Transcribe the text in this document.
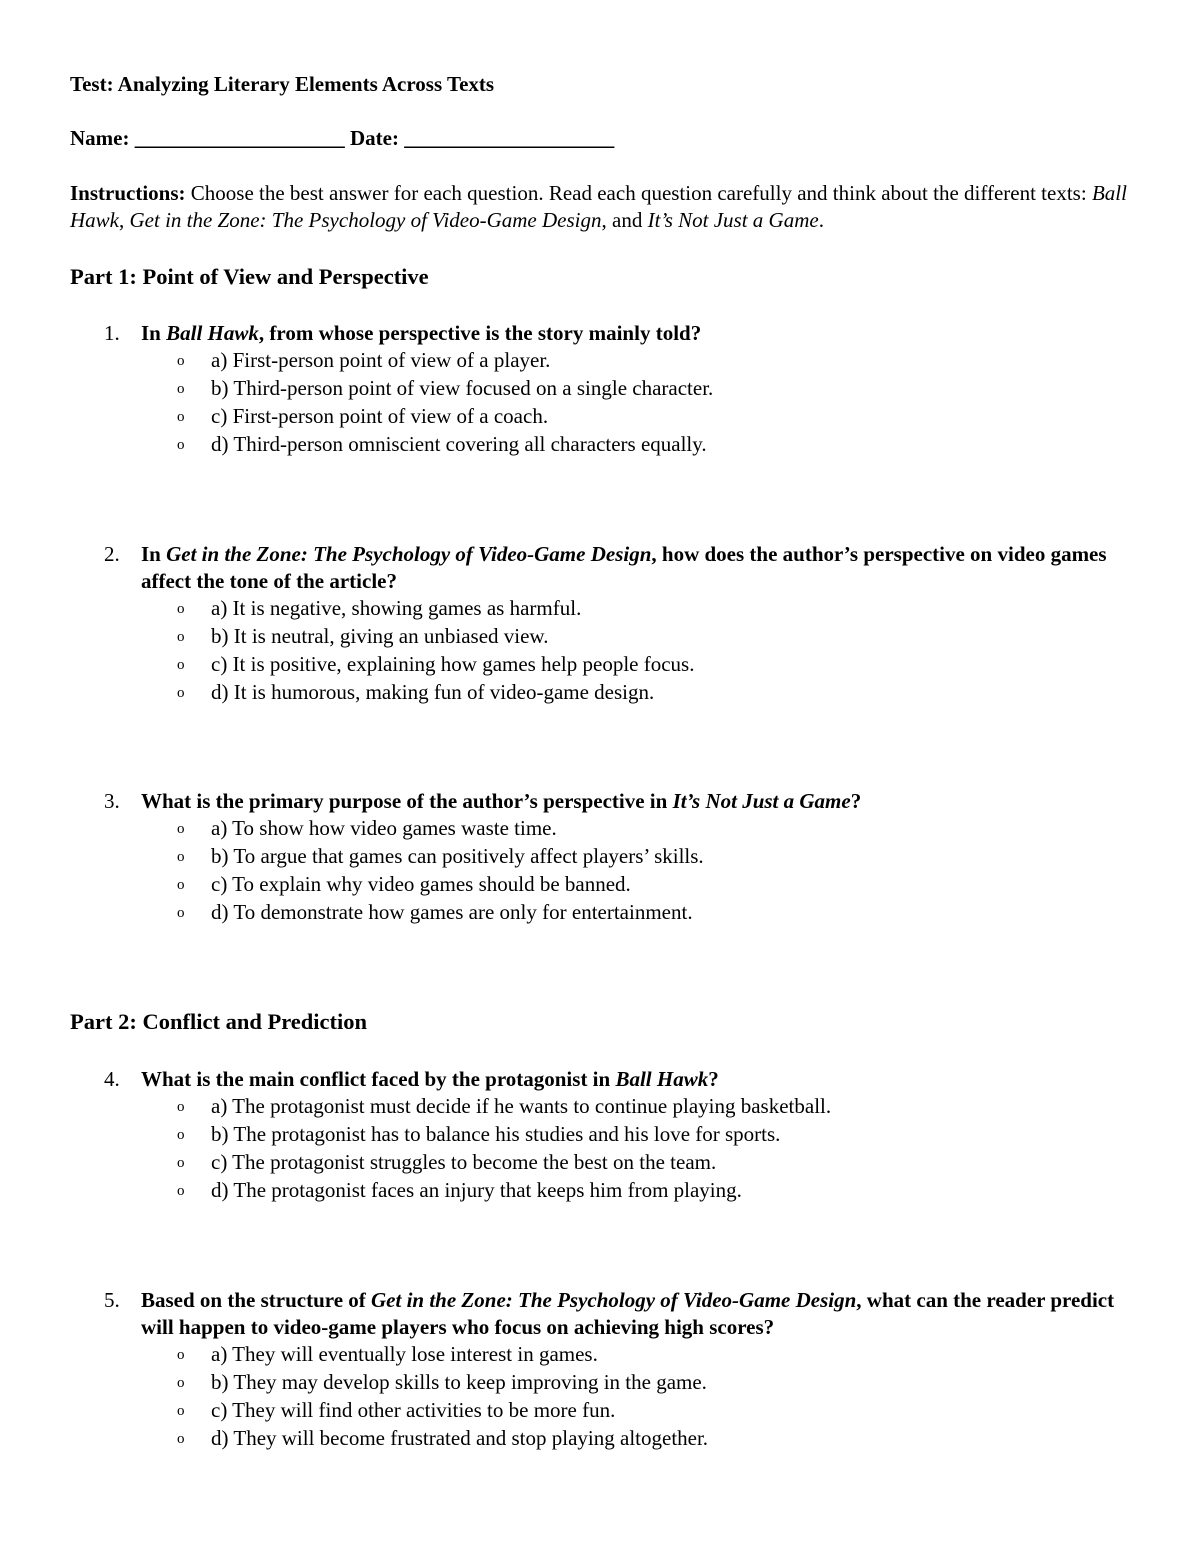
Test: Analyzing Literary Elements Across Texts
Name: ____________________ Date: ____________________
Instructions: Choose the best answer for each question. Read each question carefully and think about the different texts: Ball Hawk, Get in the Zone: The Psychology of Video-Game Design, and It’s Not Just a Game.
Part 1: Point of View and Perspective
1. In Ball Hawk, from whose perspective is the story mainly told?
o a) First-person point of view of a player.
o b) Third-person point of view focused on a single character.
o c) First-person point of view of a coach.
o d) Third-person omniscient covering all characters equally.
2. In Get in the Zone: The Psychology of Video-Game Design, how does the author’s perspective on video games affect the tone of the article?
o a) It is negative, showing games as harmful.
o b) It is neutral, giving an unbiased view.
o c) It is positive, explaining how games help people focus.
o d) It is humorous, making fun of video-game design.
3. What is the primary purpose of the author’s perspective in It’s Not Just a Game?
o a) To show how video games waste time.
o b) To argue that games can positively affect players’ skills.
o c) To explain why video games should be banned.
o d) To demonstrate how games are only for entertainment.
Part 2: Conflict and Prediction
4. What is the main conflict faced by the protagonist in Ball Hawk?
o a) The protagonist must decide if he wants to continue playing basketball.
o b) The protagonist has to balance his studies and his love for sports.
o c) The protagonist struggles to become the best on the team.
o d) The protagonist faces an injury that keeps him from playing.
5. Based on the structure of Get in the Zone: The Psychology of Video-Game Design, what can the reader predict will happen to video-game players who focus on achieving high scores?
o a) They will eventually lose interest in games.
o b) They may develop skills to keep improving in the game.
o c) They will find other activities to be more fun.
o d) They will become frustrated and stop playing altogether.
